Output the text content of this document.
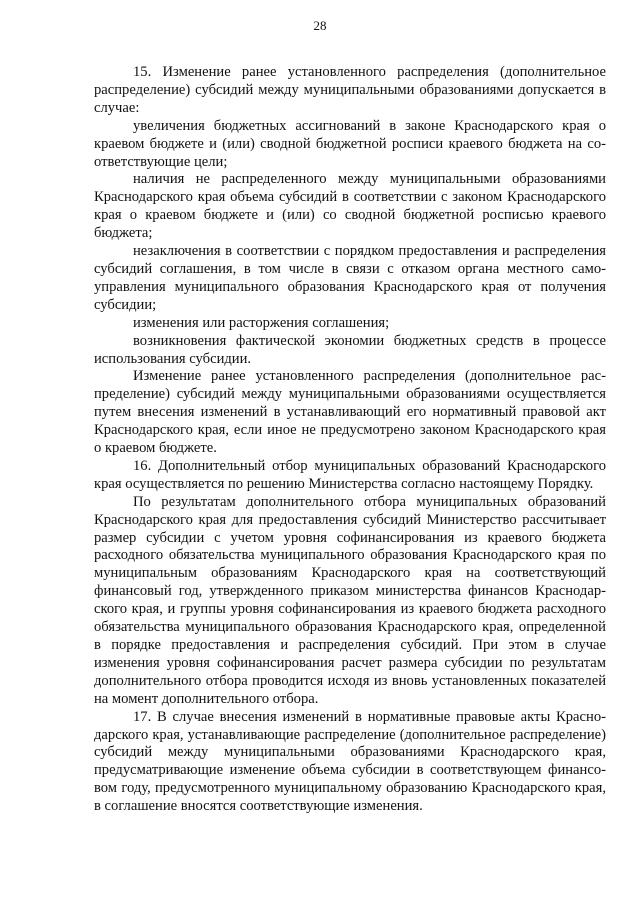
28

15. Изменение ранее установленного распределения (дополнительное распределение) субсидий между муниципальными образованиями допускается в случае:

увеличения бюджетных ассигнований в законе Краснодарского края о краевом бюджете и (или) сводной бюджетной росписи краевого бюджета на соответствующие цели;

наличия не распределенного между муниципальными образованиями Краснодарского края объема субсидий в соответствии с законом Краснодарского края о краевом бюджете и (или) со сводной бюджетной росписью краевого бюджета;

незаключения в соответствии с порядком предоставления и распределения субсидий соглашения, в том числе в связи с отказом органа местного самоуправления муниципального образования Краснодарского края от получения субсидии;

изменения или расторжения соглашения;

возникновения фактической экономии бюджетных средств в процессе использования субсидии.

Изменение ранее установленного распределения (дополнительное распределение) субсидий между муниципальными образованиями осуществляется путем внесения изменений в устанавливающий его нормативный правовой акт Краснодарского края, если иное не предусмотрено законом Краснодарского края о краевом бюджете.

16. Дополнительный отбор муниципальных образований Краснодарского края осуществляется по решению Министерства согласно настоящему Порядку.

По результатам дополнительного отбора муниципальных образований Краснодарского края для предоставления субсидий Министерство рассчитывает размер субсидии с учетом уровня софинансирования из краевого бюджета расходного обязательства муниципального образования Краснодарского края по муниципальным образованиям Краснодарского края на соответствующий финансовый год, утвержденного приказом министерства финансов Краснодарского края, и группы уровня софинансирования из краевого бюджета расходного обязательства муниципального образования Краснодарского края, определенной в порядке предоставления и распределения субсидий. При этом в случае изменения уровня софинансирования расчет размера субсидии по результатам дополнительного отбора проводится исходя из вновь установленных показателей на момент дополнительного отбора.

17. В случае внесения изменений в нормативные правовые акты Краснодарского края, устанавливающие распределение (дополнительное распределение) субсидий между муниципальными образованиями Краснодарского края, предусматривающие изменение объема субсидии в соответствующем финансовом году, предусмотренного муниципальному образованию Краснодарского края, в соглашение вносятся соответствующие изменения.
